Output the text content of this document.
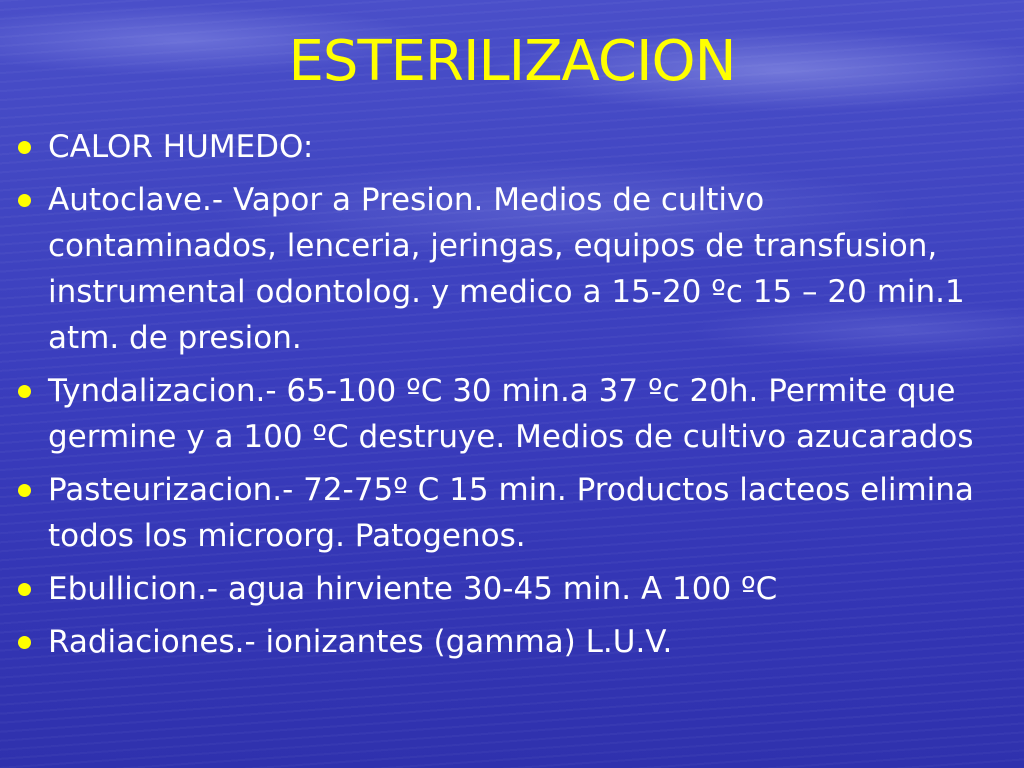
ESTERILIZACION
CALOR HUMEDO:
Autoclave.- Vapor a Presion. Medios de cultivo contaminados, lenceria, jeringas, equipos de transfusion, instrumental odontolog. y medico a 15-20 ºc 15 – 20 min.1 atm. de presion.
Tyndalizacion.- 65-100 ºC 30 min.a 37 ºc 20h. Permite que germine y a 100 ºC destruye. Medios de cultivo azucarados
Pasteurizacion.- 72-75º C 15 min. Productos lacteos elimina todos los microorg. Patogenos.
Ebullicion.- agua hirviente 30-45 min. A 100 ºC
Radiaciones.- ionizantes (gamma) L.U.V.
